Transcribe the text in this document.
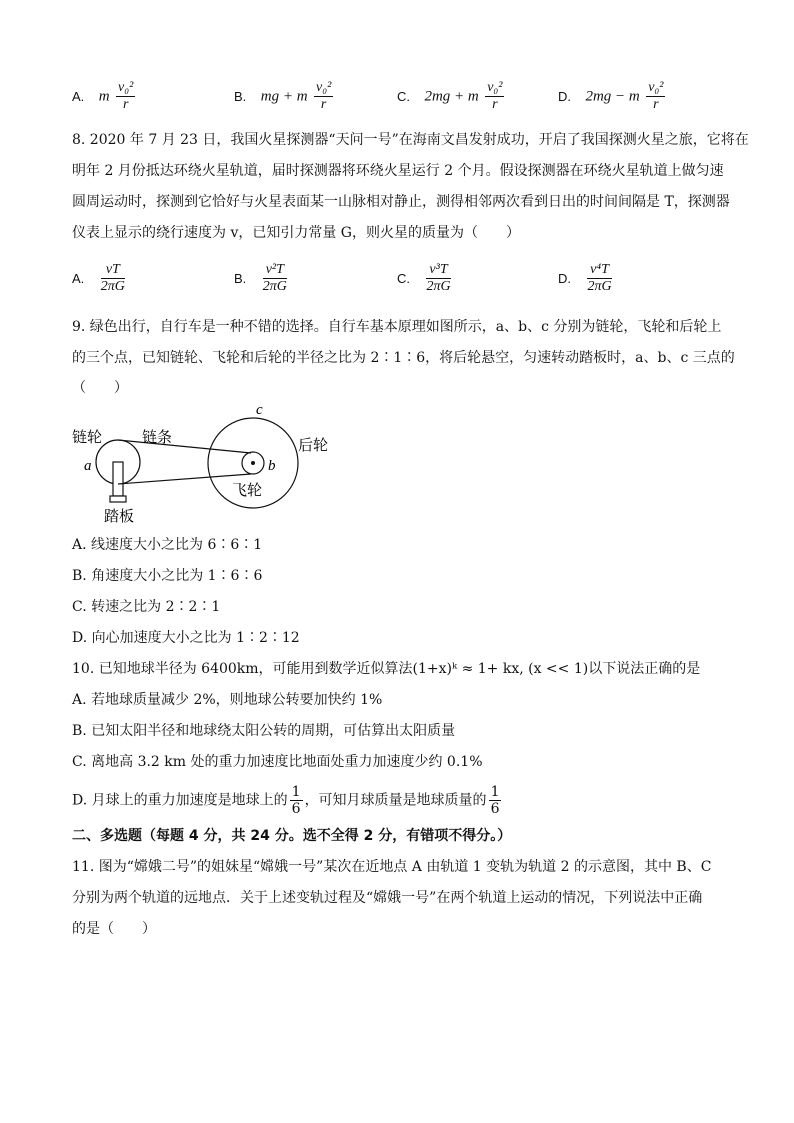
A. m $\frac{\text{v₀²}}{r}$	B. mg + m $\frac{\text{v₀²}}{r}$	C. 2mg + m $\frac{\text{v₀²}}{r}$	D. 2mg − m $\frac{\text{v₀²}}{r}$
8. 2020 年 7 月 23 日，我国火星探测器“天问一号”在海南文昌发射成功，开启了我国探测火星之旅，它将在
明年 2 月份抵达环绕火星轨道，届时探测器将环绕火星运行 2 个月。假设探测器在环绕火星轨道上做匀速
圆周运动时，探测到它恰好与火星表面某一山脉相对静止，测得相邻两次看到日出的时间间隔是 T，探测器
仪表上显示的绕行速度为 v，已知引力常量 G，则火星的质量为（　　）
A. $\frac{vT}{2\pi G}$	B. $\frac{\text{v²T}}{2\pi G}$	C. $\frac{\text{v³T}}{2\pi G}$	D. $\frac{\text{v⁴T}}{2\pi G}$
9. 绿色出行，自行车是一种不错的选择。自行车基本原理如图所示，a、b、c 分别为链轮，飞轮和后轮上
的三个点，已知链轮、飞轮和后轮的半径之比为 2∶1∶6，将后轮悬空，匀速转动踏板时，a、b、c 三点的
（　　）
链轮	链条	后轮
飞轮
踏板
a	b
c
A. 线速度大小之比为 6∶6∶1
B. 角速度大小之比为 1∶6∶6
C. 转速之比为 2∶2∶1
D. 向心加速度大小之比为 1∶2∶12
10. 已知地球半径为 6400km，可能用到数学近似算法(1+x)ᵏ ≈ 1+ kx, (x << 1)以下说法正确的是
A. 若地球质量减少 2%，则地球公转要加快约 1%
B. 已知太阳半径和地球绕太阳公转的周期，可估算出太阳质量
C. 离地高 3.2 km 处的重力加速度比地面处重力加速度少约 0.1%
D. 月球上的重力加速度是地球上的 $\frac{1}{6}$ ，可知月球质量是地球质量的 $\frac{1}{6}$
二、多选题（每题 4 分，共 24 分。选不全得 2 分，有错项不得分。）
11. 图为“嫦娥二号”的姐妹星“嫦娥一号”某次在近地点 A 由轨道 1 变轨为轨道 2 的示意图，其中 B、C
分别为两个轨道的远地点．关于上述变轨过程及“嫦娥一号”在两个轨道上运动的情况，下列说法中正确
的是（　　）
